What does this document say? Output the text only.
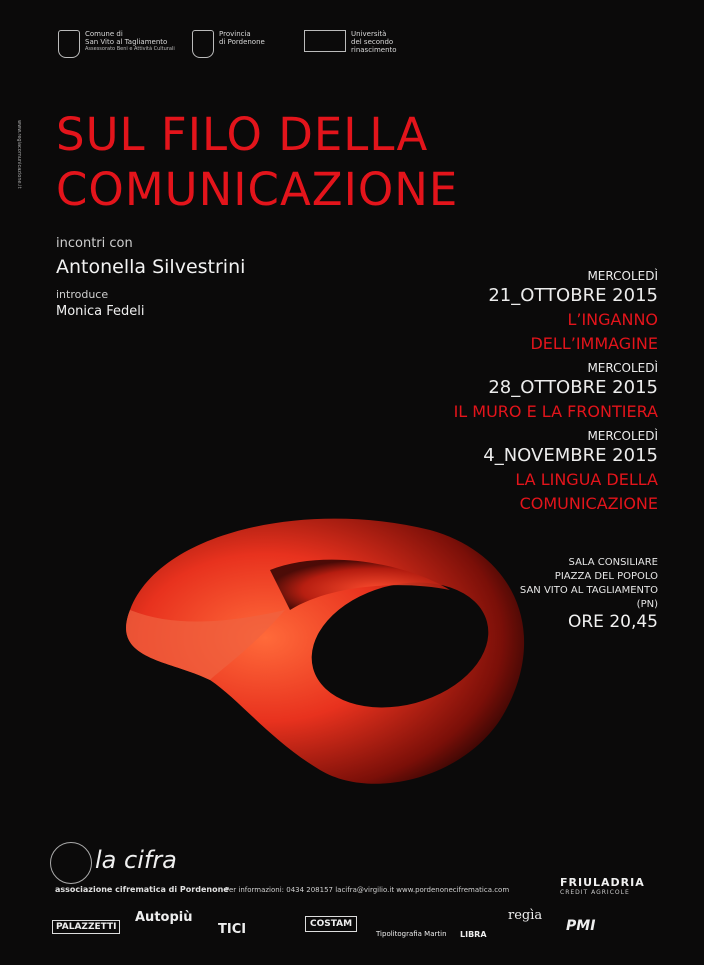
Comune di
San Vito al Tagliamento
Assessorato Beni e Attività Culturali
Provincia
di Pordenone
Università
del secondo
rinascimento
www.regiacomunicazione.it SUL FILO DELLA
COMUNICAZIONE
incontri con
Antonella Silvestrini
introduce
Monica Fedeli
MERCOLEDÌ
21_OTTOBRE 2015
L’INGANNO
DELL’IMMAGINE
MERCOLEDÌ
28_OTTOBRE 2015
IL MURO E LA FRONTIERA
MERCOLEDÌ
4_NOVEMBRE 2015
LA LINGUA DELLA
COMUNICAZIONE
SALA CONSILIARE
PIAZZA DEL POPOLO
SAN VITO AL TAGLIAMENTO
(PN)
ORE 20,45
la cifra
associazione cifrematica di Pordenone
Per informazioni: 0434 208157 lacifra@virgilio.it www.pordenonecifrematica.com
FRIULADRIA
CREDIT AGRICOLE
PALAZZETTI
Autopiù
TICI	COSTAM
Tipolitografia Martin LIBRA
regìa
PMI
